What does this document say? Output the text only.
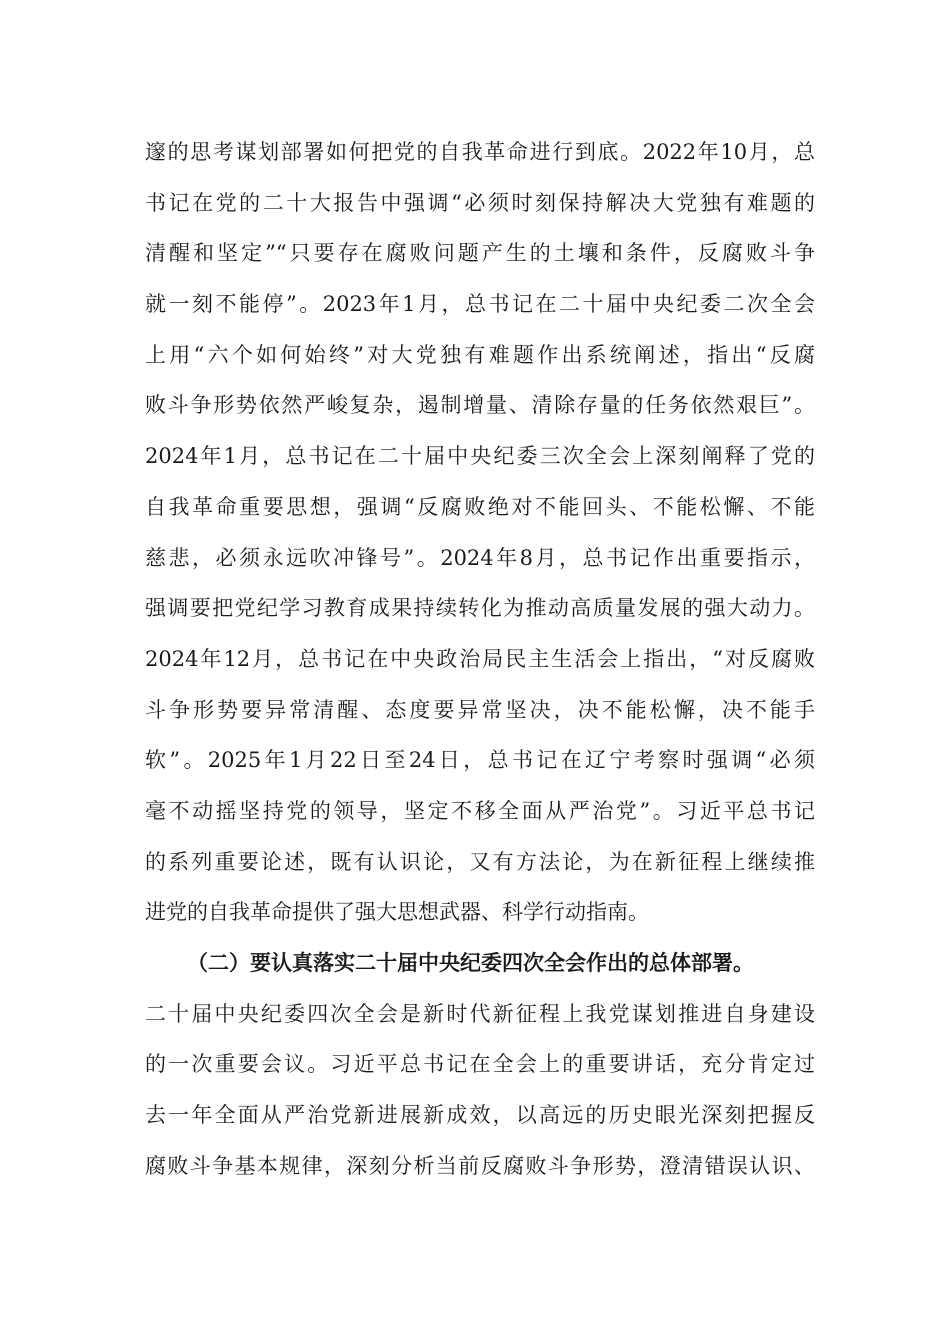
邃的思考谋划部署如何把党的自我革命进行到底。2022年10月，总
书记在党的二十大报告中强调“必须时刻保持解决大党独有难题的
清醒和坚定”“只要存在腐败问题产生的土壤和条件，反腐败斗争
就一刻不能停”。2023年1月，总书记在二十届中央纪委二次全会
上用“六个如何始终”对大党独有难题作出系统阐述，指出“反腐
败斗争形势依然严峻复杂，遏制增量、清除存量的任务依然艰巨”。
2024年1月，总书记在二十届中央纪委三次全会上深刻阐释了党的
自我革命重要思想，强调“反腐败绝对不能回头、不能松懈、不能
慈悲，必须永远吹冲锋号”。2024年8月，总书记作出重要指示，
强调要把党纪学习教育成果持续转化为推动高质量发展的强大动力。
2024年12月，总书记在中央政治局民主生活会上指出，“对反腐败
斗争形势要异常清醒、态度要异常坚决，决不能松懈，决不能手
软”。2025年1月22日至24日，总书记在辽宁考察时强调“必须
毫不动摇坚持党的领导，坚定不移全面从严治党”。习近平总书记
的系列重要论述，既有认识论，又有方法论，为在新征程上继续推
进党的自我革命提供了强大思想武器、科学行动指南。
（二）要认真落实二十届中央纪委四次全会作出的总体部署。
二十届中央纪委四次全会是新时代新征程上我党谋划推进自身建设
的一次重要会议。习近平总书记在全会上的重要讲话，充分肯定过
去一年全面从严治党新进展新成效，以高远的历史眼光深刻把握反
腐败斗争基本规律，深刻分析当前反腐败斗争形势，澄清错误认识、
